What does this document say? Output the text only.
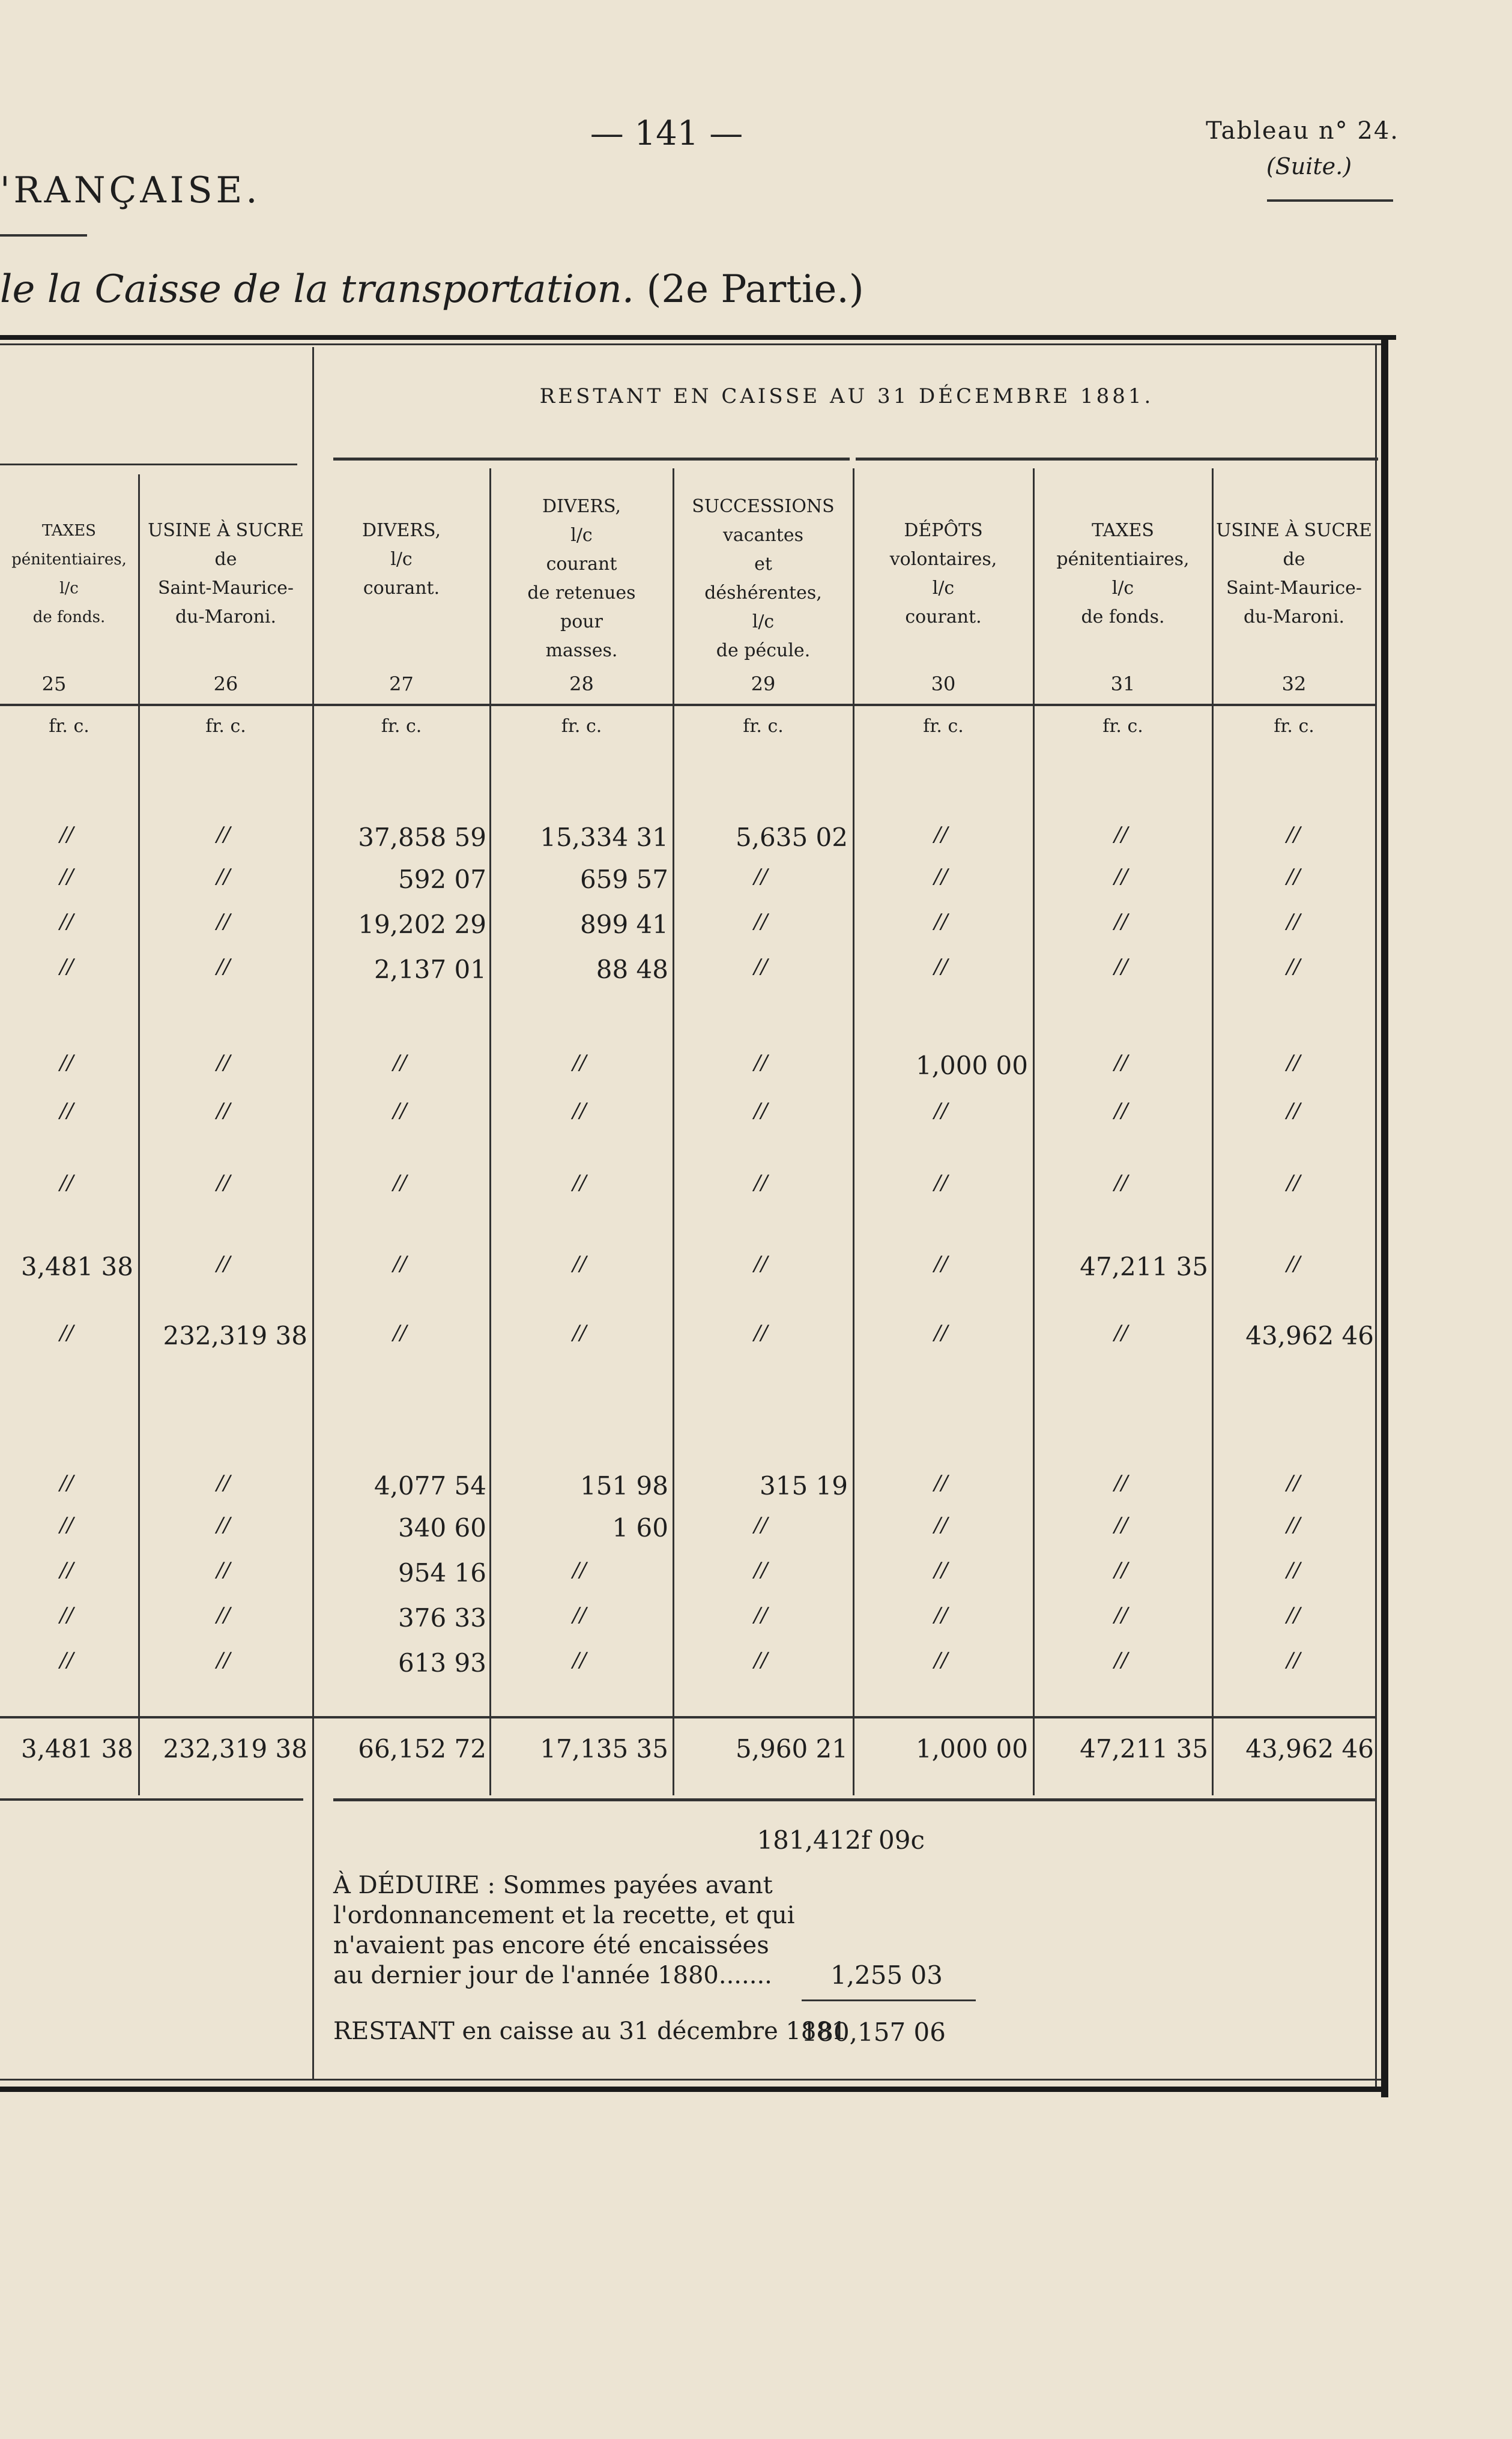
'RANÇAISE.
— 141 —	Tableau n° 24.
(Suite.)
le la Caisse de la transportation. (2e Partie.)
RESTANT EN CAISSE AU 31 DÉCEMBRE 1881.
TAXES
pénitentiaires,
l/c
de fonds.
USINE À SUCRE
de
Saint-Maurice-
du-Maroni.
DIVERS,
l/c
courant.
DIVERS,
l/c
courant
de retenues
pour
masses.
SUCCESSIONS
vacantes
et
déshérentes,
l/c
de pécule.
DÉPÔTS
volontaires,
l/c
courant.
TAXES
pénitentiaires,
l/c
de fonds.
USINE À SUCRE
de
Saint-Maurice-
du-Maroni.
25	26	27	28	29	30	31	32
fr. c.	fr. c.	fr. c.	fr. c.	fr. c.	fr. c.	fr. c.	fr. c.
//	//	37,858 59	15,334 31	5,635 02	//	//	//
//	//	592 07	659 57	//	//	//	//
//	//	19,202 29	899 41	//	//	//	//
//	//	2,137 01	88 48	//	//	//	//
//	//	//	//	//	1,000 00	//	//
//	//	//	//	//	//	//	//
//	//	//	//	//	//	//	//
3,481 38	//	//	//	//	//	47,211 35	//
//	232,319 38	//	//	//	//	//	43,962 46
//	//	4,077 54	151 98	315 19	//	//	//
//	//	340 60	1 60	//	//	//	//
//	//	954 16	//	//	//	//	//
//	//	376 33	//	//	//	//	//
//	//	613 93	//	//	//	//	//
3,481 38	232,319 38	66,152 72	17,135 35	5,960 21	1,000 00	47,211 35	43,962 46
181,412f 09c
À DÉDUIRE : Sommes payées avant l'ordonnancement et la recette, et qui n'avaient pas encore été encaissées au dernier jour de l'année 1880.......	1,255 03
RESTANT en caisse au 31 décembre 1881
180,157 06
